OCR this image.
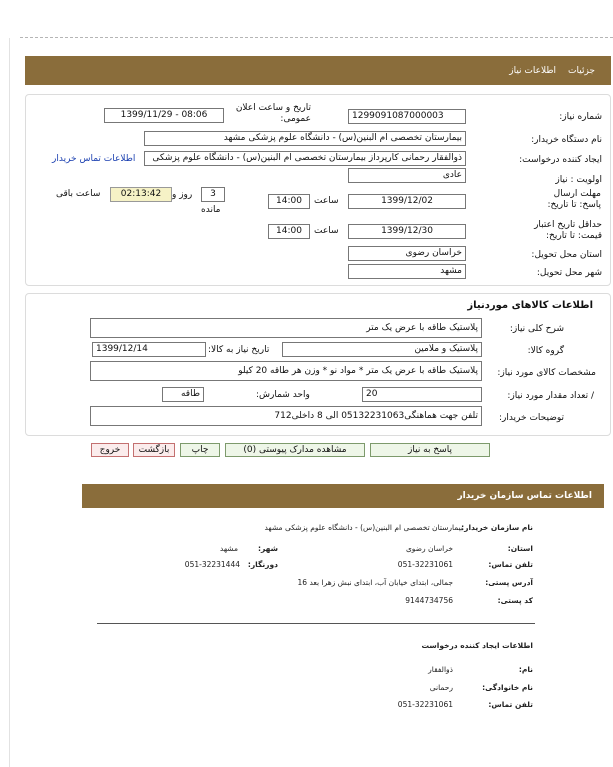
جزئیات
اطلاعات نیاز
شماره نیاز:
1299091087000003
تاریخ و ساعت اعلان عمومی:
1399/11/29 - 08:06
نام دستگاه خریدار:
بیمارستان تخصصی ام البنین(س) - دانشگاه علوم پزشکی مشهد
ایجاد کننده درخواست:
ذوالفقار رحمانی کارپرداز بیمارستان تخصصی ام البنین(س) - دانشگاه علوم پزشکی
اطلاعات تماس خریدار
اولویت : نیاز
عادی
مهلت ارسال پاسخ: تا تاریخ:
1399/12/02
ساعت
14:00
3
روز و
02:13:42
ساعت باقی
مانده
حداقل تاریخ اعتبار قیمت: تا تاریخ:
1399/12/30
ساعت
14:00
استان محل تحویل:
خراسان رضوی
شهر محل تحویل:
مشهد
اطلاعات کالاهای موردنیاز
شرح کلی نیاز:
پلاستیک طاقه با عرض یک متر
گروه کالا:
پلاستیک و ملامین
تاریخ نیاز به کالا:
1399/12/14
مشخصات کالای مورد نیاز:
پلاستیک طاقه با عرض یک متر * مواد نو * وزن هر طاقه 20 کیلو
/ تعداد مقدار مورد نیاز:
20
واحد شمارش:
طاقه
توضیحات خریدار:
تلفن جهت هماهنگی05132231063 الی 8 داخلی712
پاسخ به نیاز
مشاهده مدارک پیوستی (0)
چاپ
بازگشت
خروج
اطلاعات تماس سازمان خریدار
نام سازمان خریدار:
بیمارستان تخصصی ام البنین(س) - دانشگاه علوم پزشکی مشهد
استان:
خراسان رضوی
شهر:
مشهد
تلفن تماس:
051-32231061
دورنگار:
051-32231444
آدرس پستی:
جمالی، ابتدای خیابان آب، ابتدای نبش زهرا بعد 16
کد پستی:
9144734756
اطلاعات ایجاد کننده درخواست
نام:
ذوالفقار
نام خانوادگی:
رحمانی
تلفن تماس:
051-32231061
